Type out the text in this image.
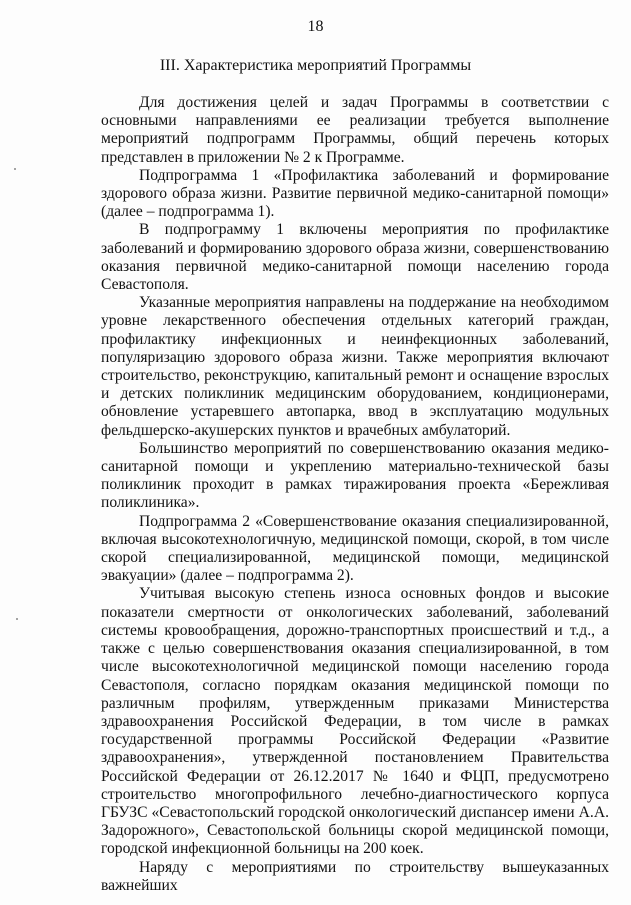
18
III. Характеристика мероприятий Программы

Для достижения целей и задач Программы в соответствии с основными направлениями ее реализации требуется выполнение мероприятий подпрограмм Программы, общий перечень которых представлен в приложении № 2 к Программе.

Подпрограмма 1 «Профилактика заболеваний и формирование здорового образа жизни. Развитие первичной медико-санитарной помощи» (далее – подпрограмма 1).

В подпрограмму 1 включены мероприятия по профилактике заболеваний и формированию здорового образа жизни, совершенствованию оказания первичной медико-санитарной помощи населению города Севастополя.

Указанные мероприятия направлены на поддержание на необходимом уровне лекарственного обеспечения отдельных категорий граждан, профилактику инфекционных и неинфекционных заболеваний, популяризацию здорового образа жизни. Также мероприятия включают строительство, реконструкцию, капитальный ремонт и оснащение взрослых и детских поликлиник медицинским оборудованием, кондиционерами, обновление устаревшего автопарка, ввод в эксплуатацию модульных фельдшерско-акушерских пунктов и врачебных амбулаторий.

Большинство мероприятий по совершенствованию оказания медико-санитарной помощи и укреплению материально-технической базы поликлиник проходит в рамках тиражирования проекта «Бережливая поликлиника».

Подпрограмма 2 «Совершенствование оказания специализированной, включая высокотехнологичную, медицинской помощи, скорой, в том числе скорой специализированной, медицинской помощи, медицинской эвакуации» (далее – подпрограмма 2).

Учитывая высокую степень износа основных фондов и высокие показатели смертности от онкологических заболеваний, заболеваний системы кровообращения, дорожно-транспортных происшествий и т.д., а также с целью совершенствования оказания специализированной, в том числе высокотехнологичной медицинской помощи населению города Севастополя, согласно порядкам оказания медицинской помощи по различным профилям, утвержденным приказами Министерства здравоохранения Российской Федерации, в том числе в рамках государственной программы Российской Федерации «Развитие здравоохранения», утвержденной постановлением Правительства Российской Федерации от 26.12.2017 № 1640 и ФЦП, предусмотрено строительство многопрофильного лечебно-диагностического корпуса ГБУЗС «Севастопольский городской онкологический диспансер имени А.А. Задорожного», Севастопольской больницы скорой медицинской помощи, городской инфекционной больницы на 200 коек.

Наряду с мероприятиями по строительству вышеуказанных важнейших
